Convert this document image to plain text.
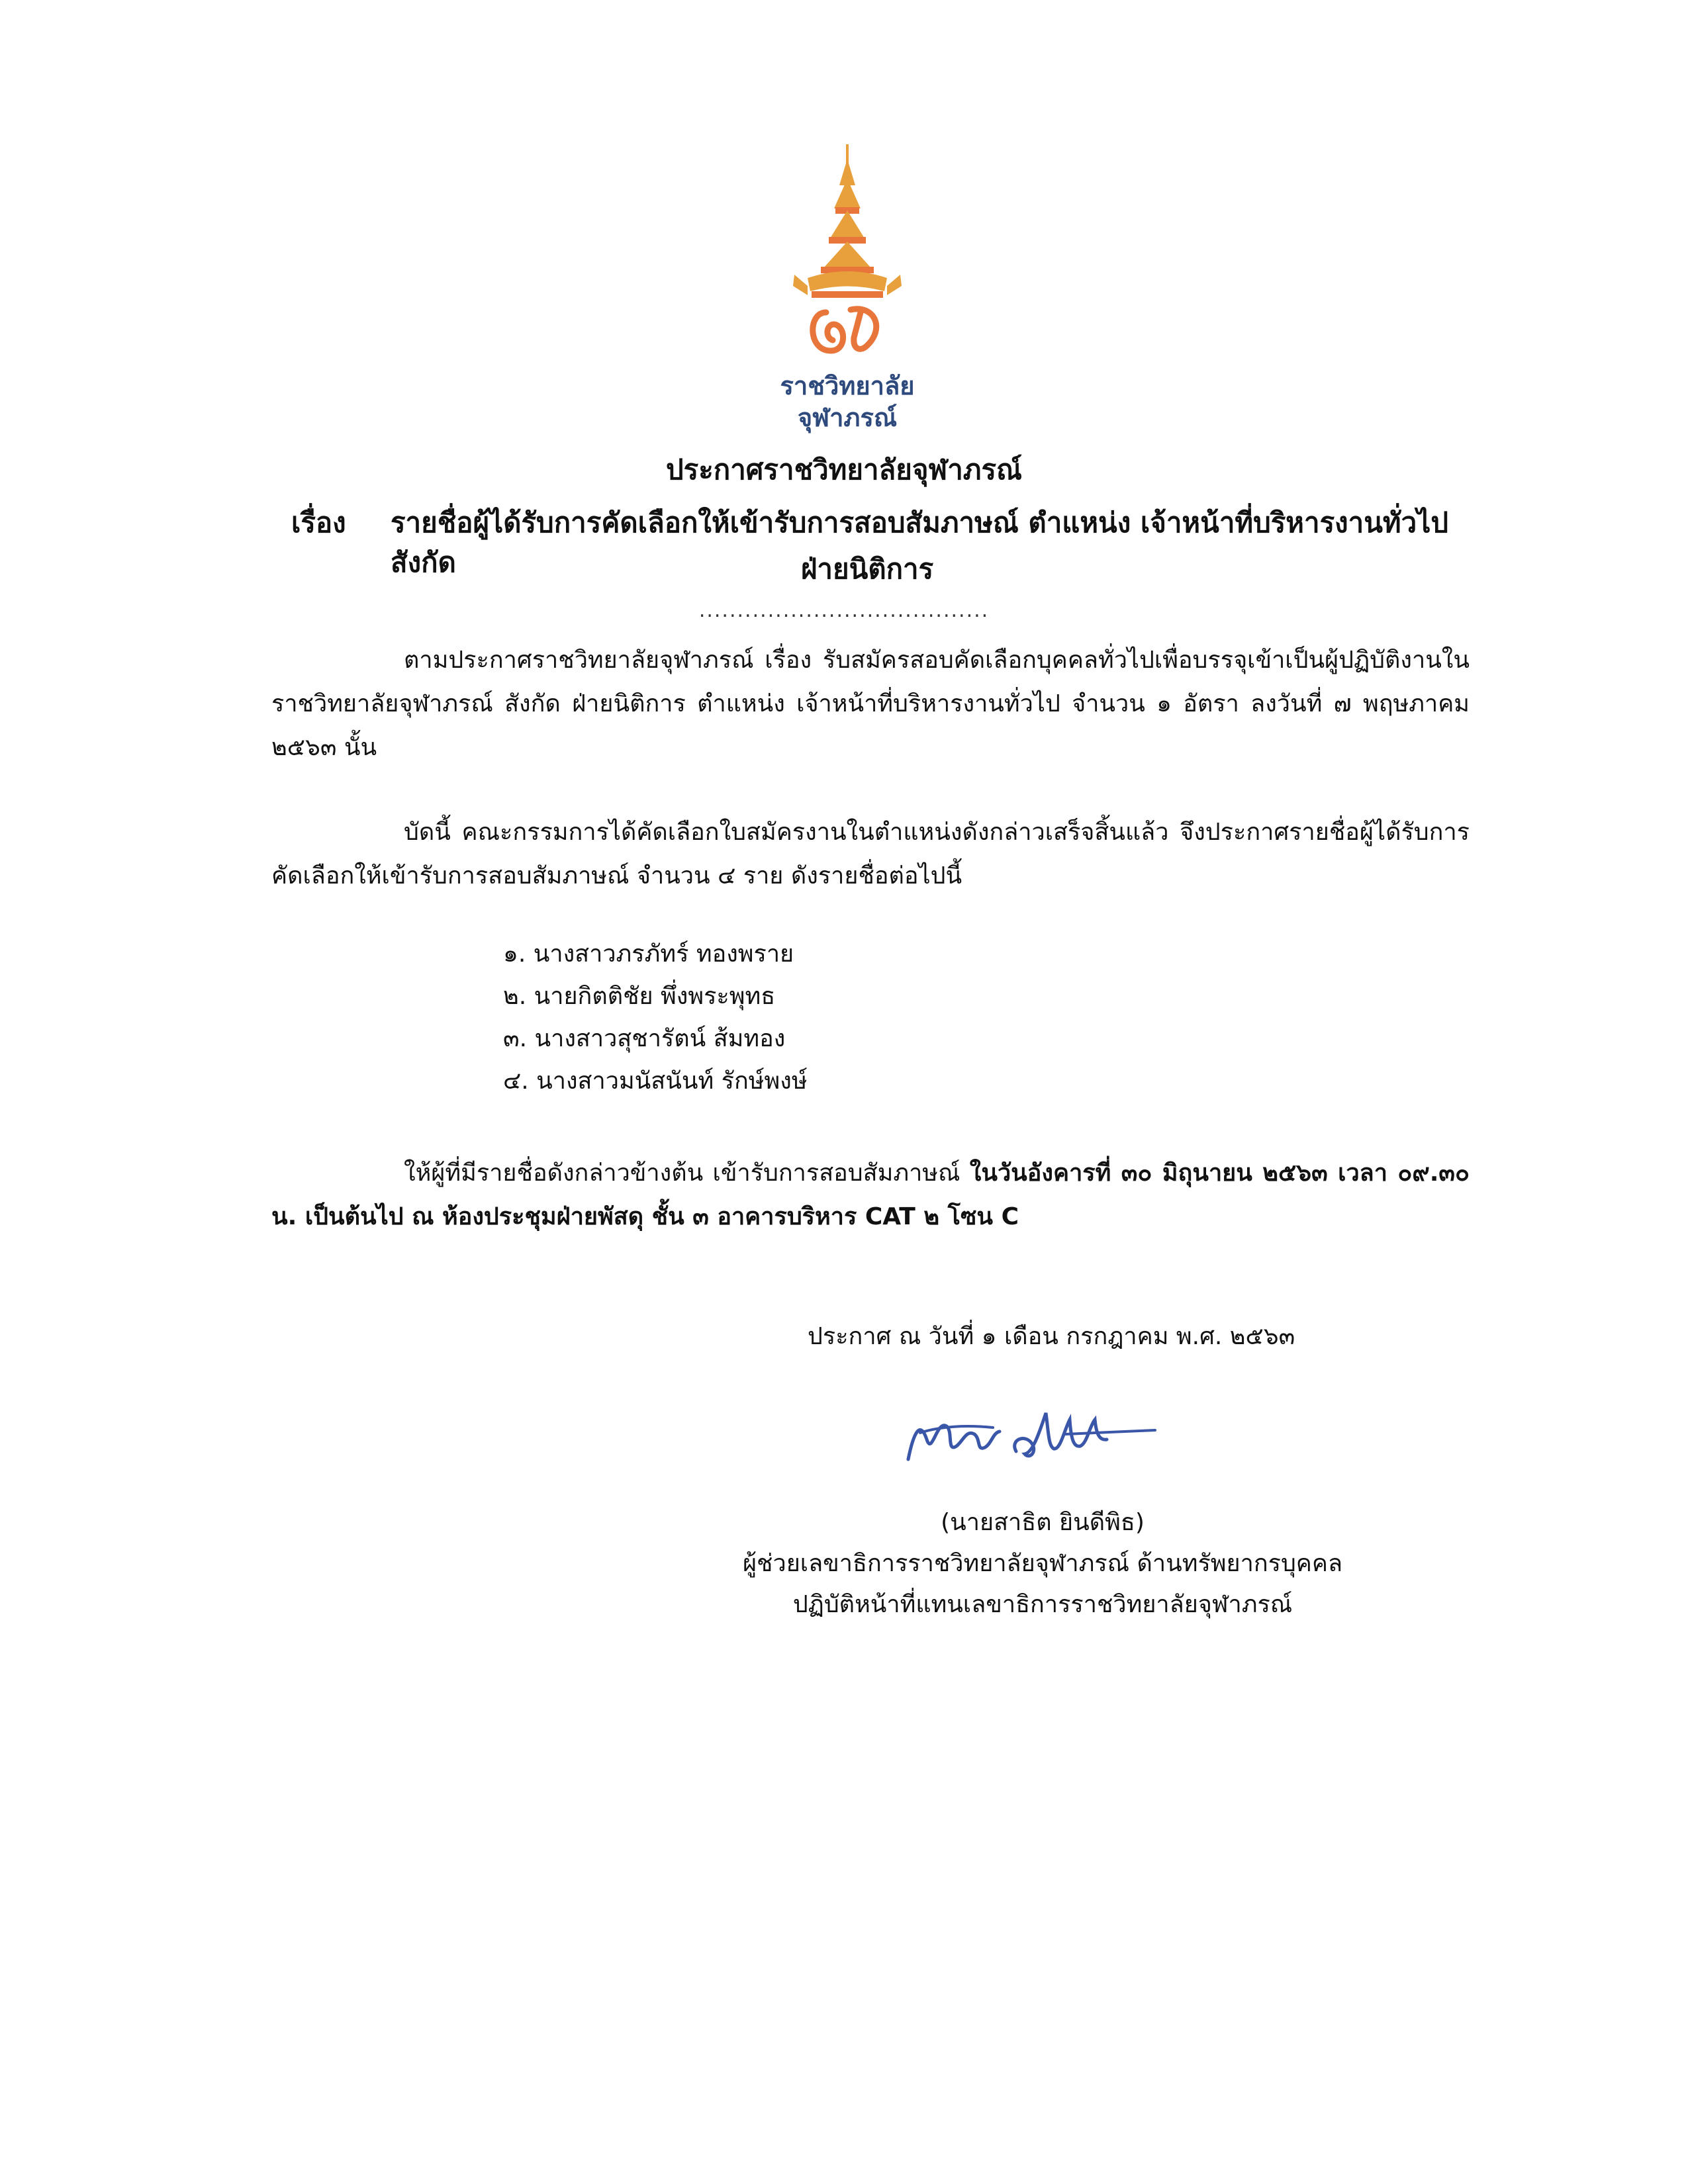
ราชวิทยาลัย
จุฬาภรณ์
ประกาศราชวิทยาลัยจุฬาภรณ์
เรื่อง รายชื่อผู้ได้รับการคัดเลือกให้เข้ารับการสอบสัมภาษณ์ ตำแหน่ง เจ้าหน้าที่บริหารงานทั่วไป สังกัด	ฝ่ายนิติการ
......................................
ตามประกาศราชวิทยาลัยจุฬาภรณ์ เรื่อง รับสมัครสอบคัดเลือกบุคคลทั่วไปเพื่อบรรจุเข้าเป็นผู้ปฏิบัติงานในราชวิทยาลัยจุฬาภรณ์ สังกัด ฝ่ายนิติการ ตำแหน่ง เจ้าหน้าที่บริหารงานทั่วไป จำนวน ๑ อัตรา ลงวันที่ ๗ พฤษภาคม ๒๕๖๓ นั้น
บัดนี้ คณะกรรมการได้คัดเลือกใบสมัครงานในตำแหน่งดังกล่าวเสร็จสิ้นแล้ว จึงประกาศรายชื่อผู้ได้รับการคัดเลือกให้เข้ารับการสอบสัมภาษณ์ จำนวน ๔ ราย ดังรายชื่อต่อไปนี้
๑. นางสาวภรภัทร์ ทองพราย
๒. นายกิตติชัย พึ่งพระพุทธ
๓. นางสาวสุชารัตน์ ส้มทอง
๔. นางสาวมนัสนันท์ รักษ์พงษ์
ให้ผู้ที่มีรายชื่อดังกล่าวข้างต้น เข้ารับการสอบสัมภาษณ์ ในวันอังคารที่ ๓๐ มิถุนายน ๒๕๖๓ เวลา ๐๙.๓๐ น. เป็นต้นไป ณ ห้องประชุมฝ่ายพัสดุ ชั้น ๓ อาคารบริหาร CAT ๒ โซน C
ประกาศ ณ วันที่ ๑ เดือน กรกฎาคม พ.ศ. ๒๕๖๓
(นายสาธิต ยินดีพิธ)
ผู้ช่วยเลขาธิการราชวิทยาลัยจุฬาภรณ์ ด้านทรัพยากรบุคคล
ปฏิบัติหน้าที่แทนเลขาธิการราชวิทยาลัยจุฬาภรณ์
